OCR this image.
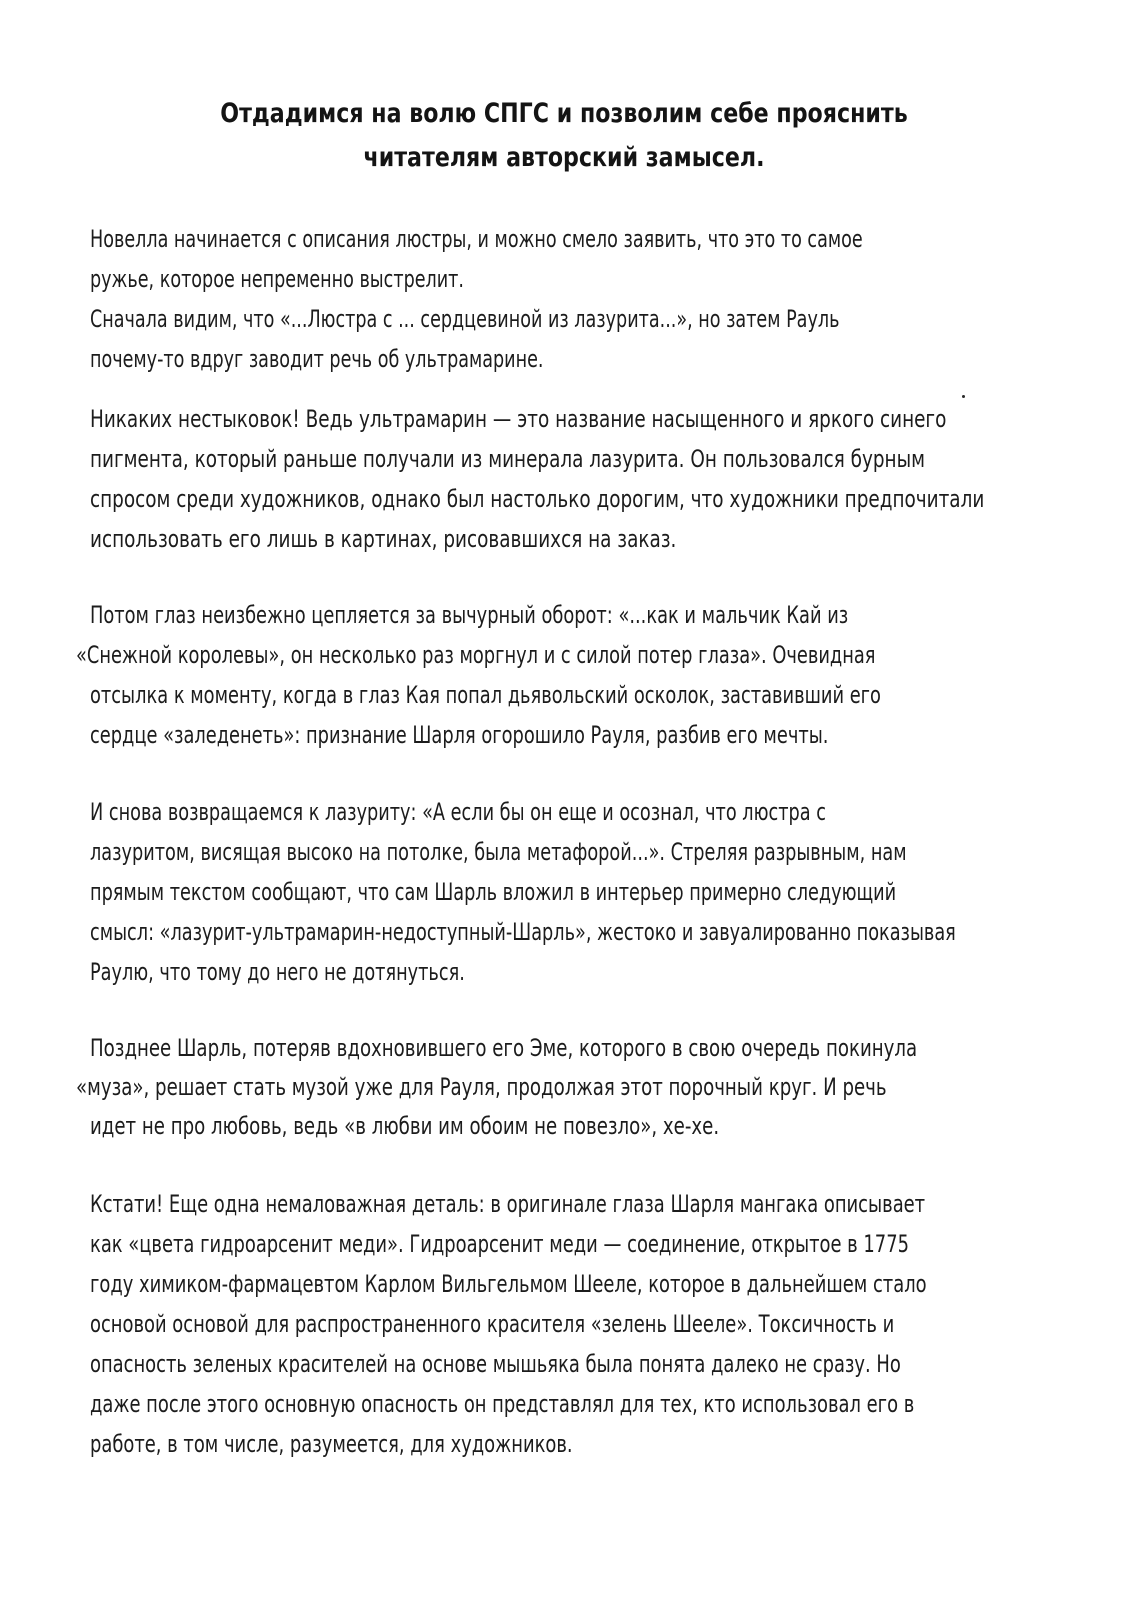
Отдадимся на волю СПГС и позволим себе прояснить читателям авторский замысел.

Новелла начинается с описания люстры, и можно смело заявить, что это то самое

ружье, которое непременно выстрелит.

Сначала видим, что «...Люстра с ... сердцевиной из лазурита...», но затем Рауль

почему-то вдруг заводит речь об ультрамарине.

Никаких нестыковок! Ведь ультрамарин — это название насыщенного и яркого синего

пигмента, который раньше получали из минерала лазурита. Он пользовался бурным

спросом среди художников, однако был настолько дорогим, что художники предпочитали

использовать его лишь в картинах, рисовавшихся на заказ.

Потом глаз неизбежно цепляется за вычурный оборот: «...как и мальчик Кай из

«Снежной королевы», он несколько раз моргнул и с силой потер глаза». Очевидная

отсылка к моменту, когда в глаз Кая попал дьявольский осколок, заставивший его

сердце «заледенеть»: признание Шарля огорошило Рауля, разбив его мечты.

И снова возвращаемся к лазуриту: «А если бы он еще и осознал, что люстра с

лазуритом, висящая высоко на потолке, была метафорой...». Стреляя разрывным, нам

прямым текстом сообщают, что сам Шарль вложил в интерьер примерно следующий

смысл: «лазурит-ультрамарин-недоступный-Шарль», жестоко и завуалированно показывая

Раулю, что тому до него не дотянуться.

Позднее Шарль, потеряв вдохновившего его Эме, которого в свою очередь покинула

«муза», решает стать музой уже для Рауля, продолжая этот порочный круг. И речь

идет не про любовь, ведь «в любви им обоим не повезло», хе-хе.

Кстати! Еще одна немаловажная деталь: в оригинале глаза Шарля мангака описывает

как «цвета гидроарсенит меди». Гидроарсенит меди — соединение, открытое в 1775

году химиком-фармацевтом Карлом Вильгельмом Шееле, которое в дальнейшем стало

основой основой для распространенного красителя «зелень Шееле». Токсичность и

опасность зеленых красителей на основе мышьяка была понята далеко не сразу. Но

даже после этого основную опасность он представлял для тех, кто использовал его в

работе, в том числе, разумеется, для художников.
